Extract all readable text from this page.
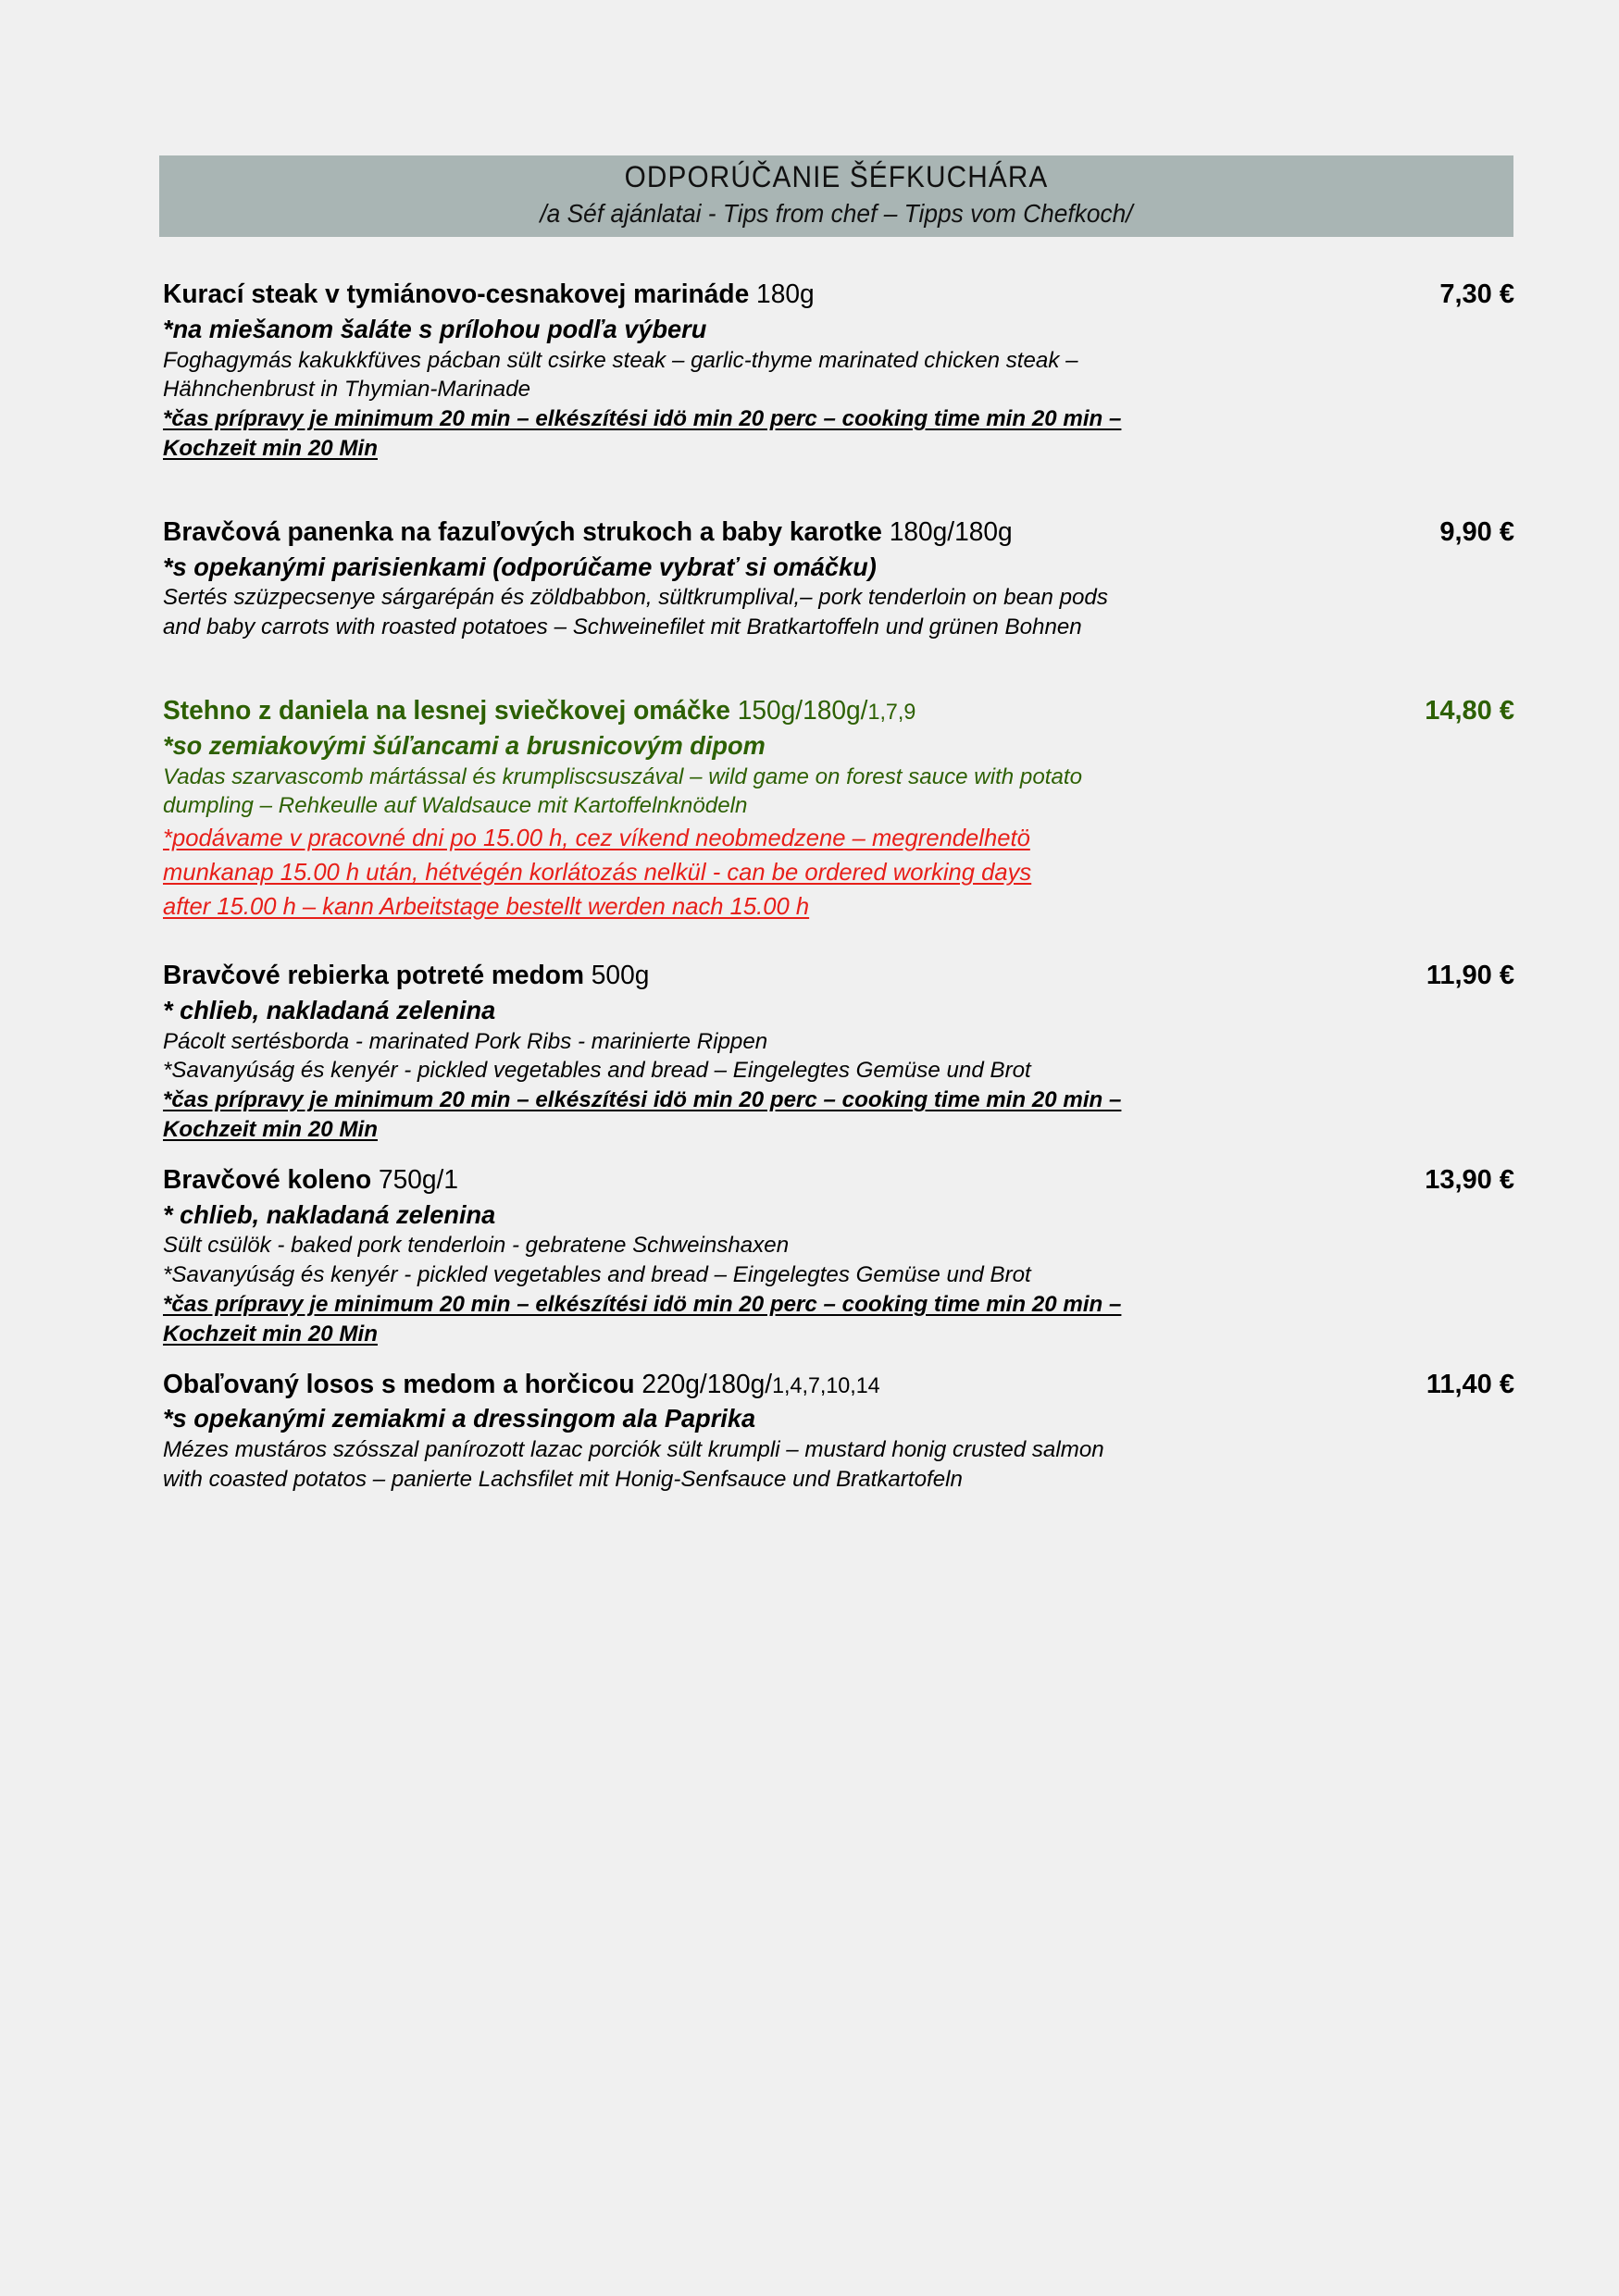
ODPORÚČANIE ŠÉFKUCHÁRA
/a Séf ajánlatai - Tips from chef – Tipps vom Chefkoch/
Kurací steak v tymiánovo-cesnakovej marináde 180g	7,30 €
*na miešanom šaláte s prílohou podľa výberu
Foghagymás kakukkfüves pácban sült csirke steak – garlic-thyme marinated chicken steak –
Hähnchenbrust in Thymian-Marinade
*čas prípravy je minimum 20 min – elkészítési idö min 20 perc – cooking time min 20 min –
Kochzeit min 20 Min
Bravčová panenka na fazuľových strukoch a baby karotke 180g/180g	9,90 €
*s opekanými parisienkami (odporúčame vybrať si omáčku)
Sertés szüzpecsenye sárgarépán és zöldbabbon, sültkrumplival,– pork tenderloin on bean pods
and baby carrots with roasted potatoes – Schweinefilet mit Bratkartoffeln und grünen Bohnen
Stehno z daniela na lesnej sviečkovej omáčke 150g/180g/1,7,9	14,80 €
*so zemiakovými šúľancami a brusnicovým dipom
Vadas szarvascomb mártással és krumpliscsuszával – wild game on forest sauce with potato
dumpling – Rehkeulle auf Waldsauce mit Kartoffelnknödeln
*podávame v pracovné dni po 15.00 h, cez víkend neobmedzene – megrendelhetö
munkanap 15.00 h után, hétvégén korlátozás nelkül - can be ordered working days
after 15.00 h – kann Arbeitstage bestellt werden nach 15.00 h
Bravčové rebierka potreté medom 500g	11,90 €
* chlieb, nakladaná zelenina
Pácolt sertésborda - marinated Pork Ribs - marinierte Rippen
*Savanyúság és kenyér - pickled vegetables and bread – Eingelegtes Gemüse und Brot
*čas prípravy je minimum 20 min – elkészítési idö min 20 perc – cooking time min 20 min –
Kochzeit min 20 Min
Bravčové koleno 750g/1	13,90 €
* chlieb, nakladaná zelenina
Sült csülök - baked pork tenderloin - gebratene Schweinshaxen
*Savanyúság és kenyér - pickled vegetables and bread – Eingelegtes Gemüse und Brot
*čas prípravy je minimum 20 min – elkészítési idö min 20 perc – cooking time min 20 min –
Kochzeit min 20 Min
Obaľovaný losos s medom a horčicou 220g/180g/1,4,7,10,14	11,40 €
*s opekanými zemiakmi a dressingom ala Paprika
Mézes mustáros szósszal panírozott lazac porciók sült krumpli – mustard honig crusted salmon
with coasted potatos – panierte Lachsfilet mit Honig-Senfsauce und Bratkartofeln
